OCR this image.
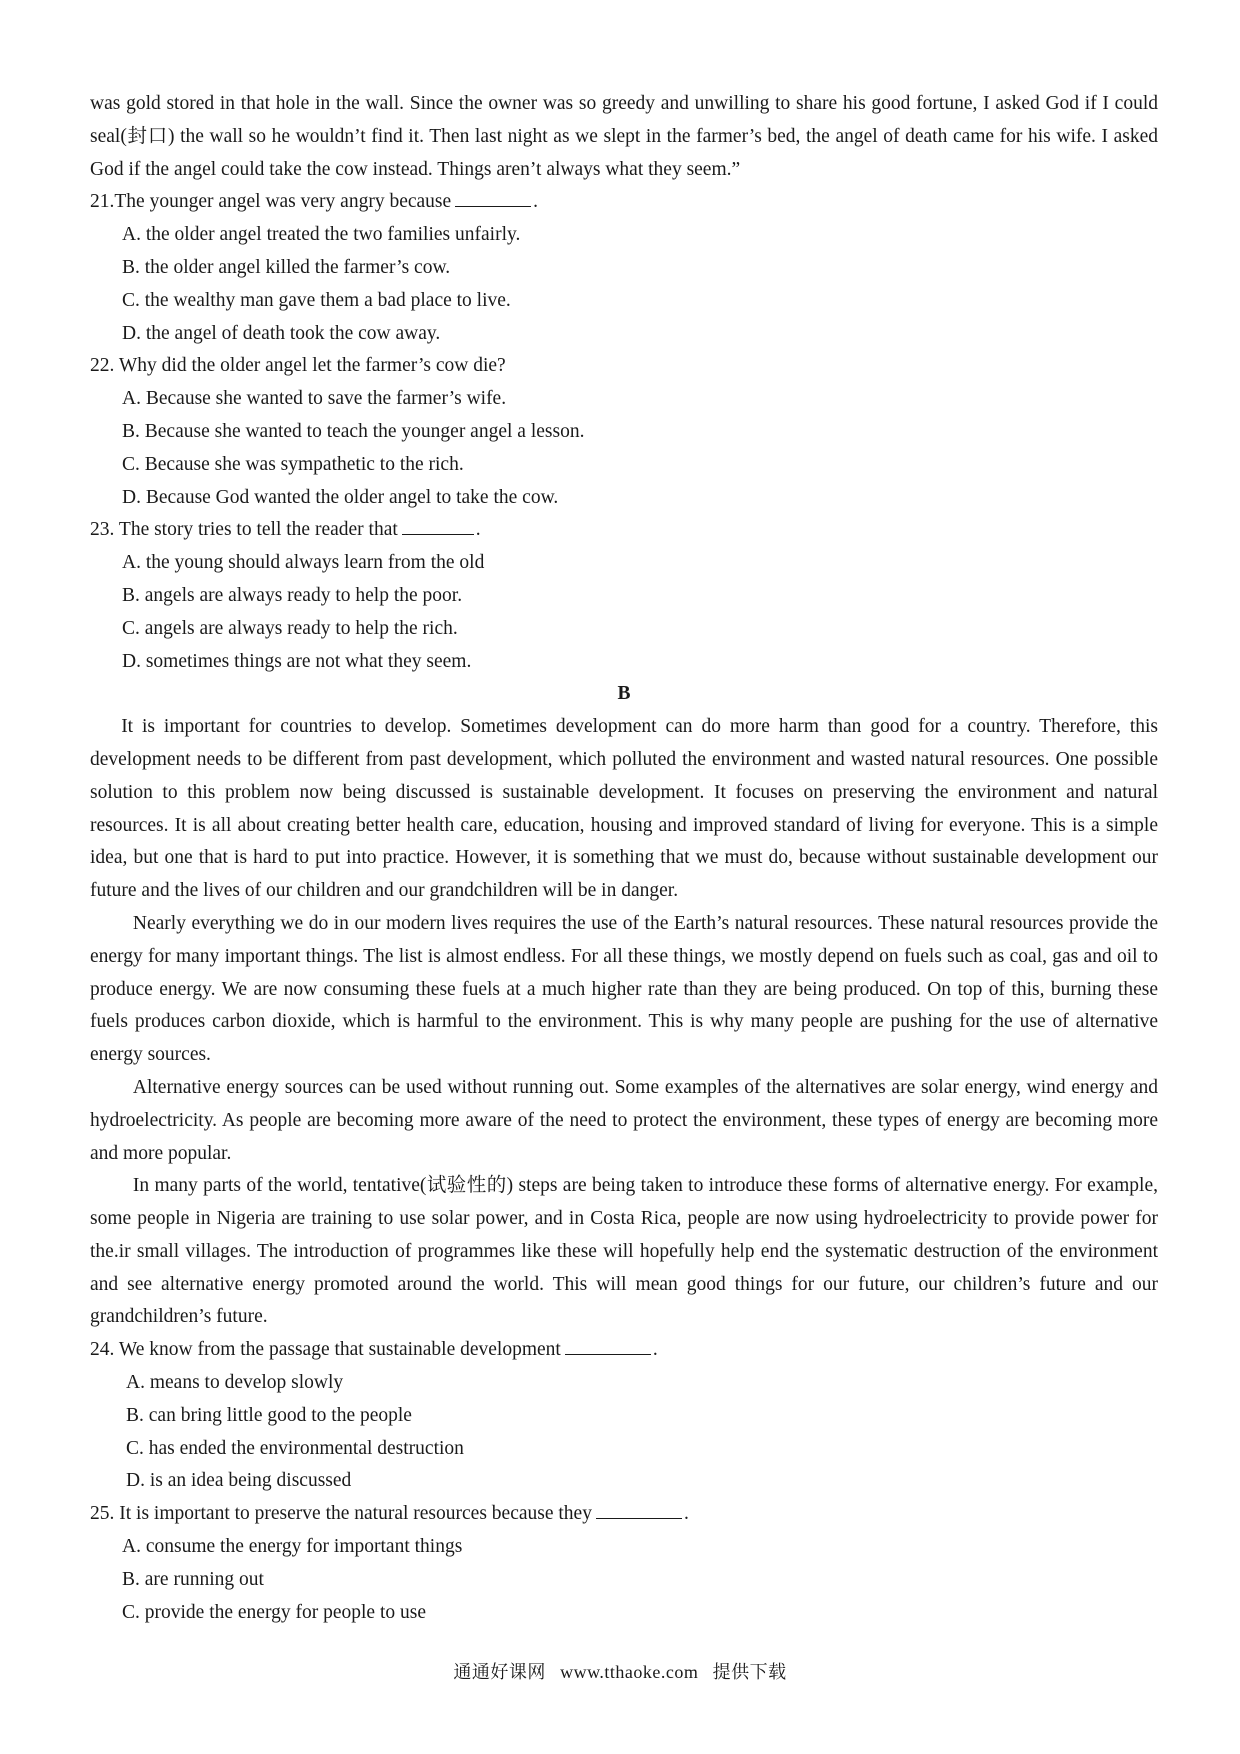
was gold stored in that hole in the wall. Since the owner was so greedy and unwilling to share his good fortune, I asked God if I could seal(封口) the wall so he wouldn’t find it. Then last night as we slept in the farmer’s bed, the angel of death came for his wife. I asked God if the angel could take the cow instead. Things aren’t always what they seem.”

21.The younger angel was very angry because	.

A. the older angel treated the two families unfairly.

B. the older angel killed the farmer’s cow.

C. the wealthy man gave them a bad place to live.

D. the angel of death took the cow away.

22. Why did the older angel let the farmer’s cow die?

A. Because she wanted to save the farmer’s wife.

B. Because she wanted to teach the younger angel a lesson.

C. Because she was sympathetic to the rich.

D. Because God wanted the older angel to take the cow.

23. The story tries to tell the reader that	.

A. the young should always learn from the old

B. angels are always ready to help the poor.

C. angels are always ready to help the rich.

D. sometimes things are not what they seem.

B

It is important for countries to develop. Sometimes development can do more harm than good for a country. Therefore, this development needs to be different from past development, which polluted the environment and wasted natural resources. One possible solution to this problem now being discussed is sustainable development. It focuses on preserving the environment and natural resources. It is all about creating better health care, education, housing and improved standard of living for everyone. This is a simple idea, but one that is hard to put into practice. However, it is something that we must do, because without sustainable development our future and the lives of our children and our grandchildren will be in danger.

Nearly everything we do in our modern lives requires the use of the Earth’s natural resources. These natural resources provide the energy for many important things. The list is almost endless. For all these things, we mostly depend on fuels such as coal, gas and oil to produce energy. We are now consuming these fuels at a much higher rate than they are being produced. On top of this, burning these fuels produces carbon dioxide, which is harmful to the environment. This is why many people are pushing for the use of alternative energy sources.

Alternative energy sources can be used without running out. Some examples of the alternatives are solar energy, wind energy and hydroelectricity. As people are becoming more aware of the need to protect the environment, these types of energy are becoming more and more popular.

In many parts of the world, tentative(试验性的) steps are being taken to introduce these forms of alternative energy. For example, some people in Nigeria are training to use solar power, and in Costa Rica, people are now using hydroelectricity to provide power for the.ir small villages. The introduction of programmes like these will hopefully help end the systematic destruction of the environment and see alternative energy promoted around the world. This will mean good things for our future, our children’s future and our grandchildren’s future.

24. We know from the passage that sustainable development	.

A. means to develop slowly

B. can bring little good to the people

C. has ended the environmental destruction

D. is an idea being discussed

25. It is important to preserve the natural resources because they	.

A. consume the energy for important things

B. are running out

C. provide the energy for people to use

通通好课网 www.tthaoke.com 提供下载
